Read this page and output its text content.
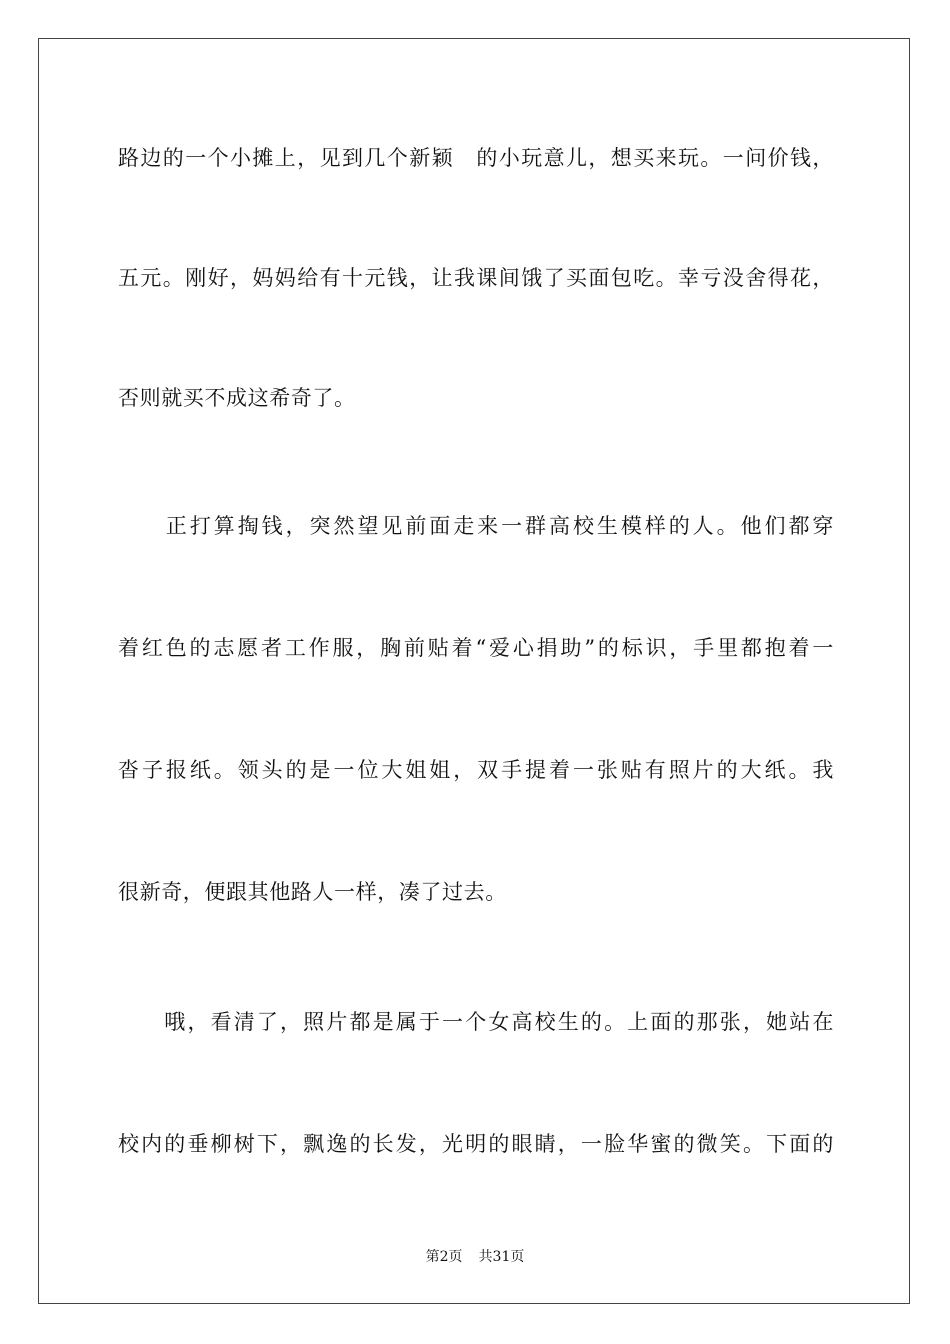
路边的一个小摊上，见到几个新颖　的小玩意儿，想买来玩。一问价钱，
五元。刚好，妈妈给有十元钱，让我课间饿了买面包吃。幸亏没舍得花，
否则就买不成这希奇了。
　　正打算掏钱，突然望见前面走来一群高校生模样的人。他们都穿
着红色的志愿者工作服，胸前贴着“爱心捐助”的标识，手里都抱着一
沓子报纸。领头的是一位大姐姐，双手提着一张贴有照片的大纸。我
很新奇，便跟其他路人一样，凑了过去。
　　哦，看清了，照片都是属于一个女高校生的。上面的那张，她站在
校内的垂柳树下，飘逸的长发，光明的眼睛，一脸华蜜的微笑。下面的
第2页 共31页
